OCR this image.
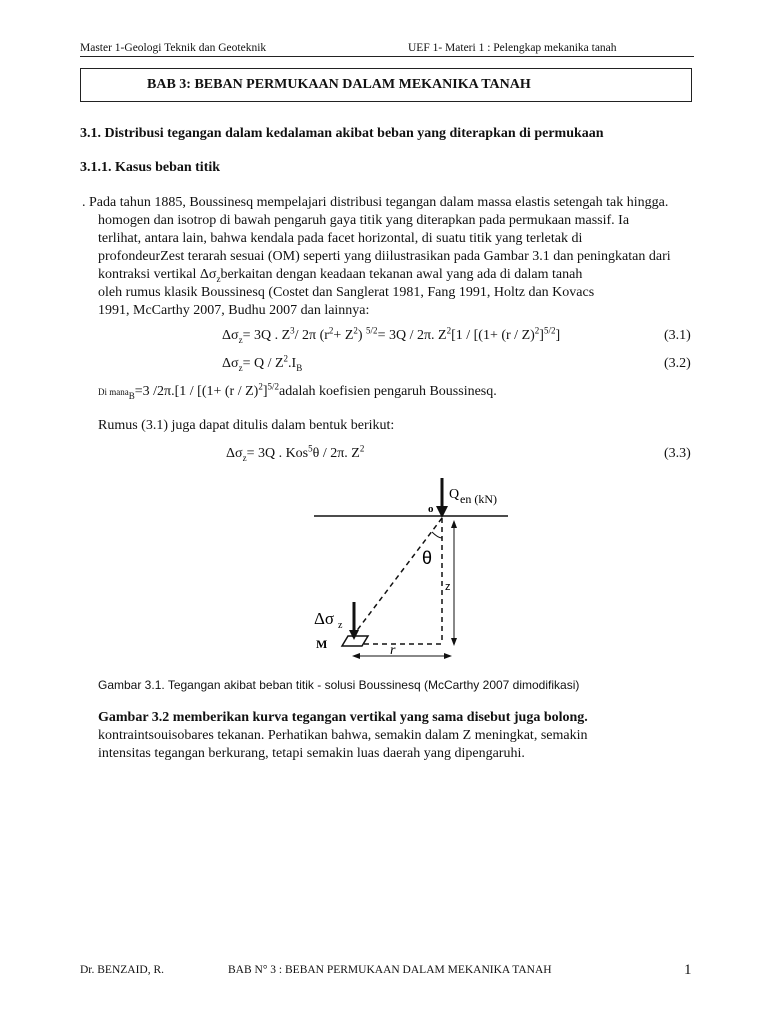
Master 1-Geologi Teknik dan Geoteknik	UEF 1- Materi 1 : Pelengkap mekanika tanah
BAB 3: BEBAN PERMUKAAN DALAM MEKANIKA TANAH
3.1. Distribusi tegangan dalam kedalaman akibat beban yang diterapkan di permukaan
3.1.1. Kasus beban titik
. Pada tahun 1885, Boussinesq mempelajari distribusi tegangan dalam massa elastis setengah tak hingga.
homogen dan isotrop di bawah pengaruh gaya titik yang diterapkan pada permukaan massif. Ia
terlihat, antara lain, bahwa kendala pada facet horizontal, di suatu titik yang terletak di
profondeurZest terarah sesuai (OM) seperti yang diilustrasikan pada Gambar 3.1 dan peningkatan dari
kontraksi vertikal $\Delta\sigma_zberkaitan$ dengan keadaan tekanan awal yang ada di dalam tanah
oleh rumus klasik Boussinesq (Costet dan Sanglerat 1981, Fang 1991, Holtz dan Kovacs
1991, McCarthy 2007, Budhu 2007 dan lainnya:
$\Delta\sigma_z= 3Q$ . $Z^3/$ 2π $(r^2+ Z^2)$ $^{5/2}$= 3Q / 2π. $Z^2[1 / [(1+ (r / Z)^2]^{5/2}]$	(3.1)
$\Delta\sigma_z= Q / Z^2.I_B$	(3.2)
Di mana$_B$=3 $/2\pi.[1 / [(1+ (r / Z)^2]^{5/2}adalah$ koefisien pengaruh Boussinesq.
Rumus (3.1) juga dapat ditulis dalam bentuk berikut:
$\Delta\sigma_z= 3Q$ . Kos$^5$θ / 2π. $Z^2$	(3.3)
Q en (kN)
o
θ
z
r
Δσ z
M
Gambar 3.1. Tegangan akibat beban titik - solusi Boussinesq (McCarthy 2007 dimodifikasi)
Gambar 3.2 memberikan kurva tegangan vertikal yang sama disebut juga bolong.
kontraintsouisobares tekanan. Perhatikan bahwa, semakin dalam Z meningkat, semakin
intensitas tegangan berkurang, tetapi semakin luas daerah yang dipengaruhi.
Dr. BENZAID, R.	BAB N° 3 : BEBAN PERMUKAAN DALAM MEKANIKA TANAH	1
